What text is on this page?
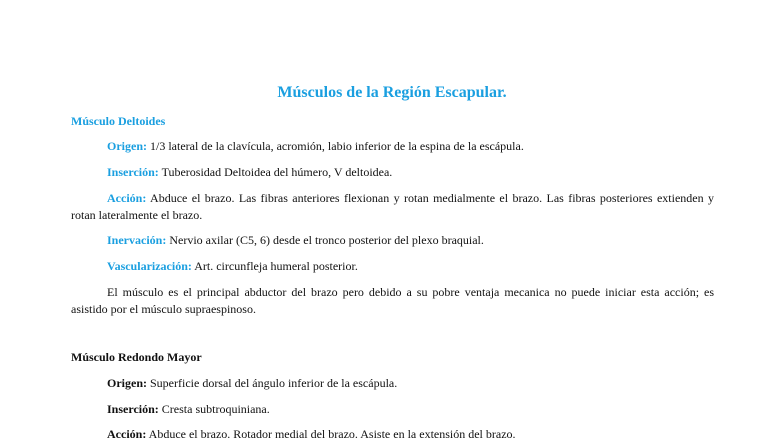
Músculos de la Región Escapular.

Músculo Deltoides

Origen: 1/3 lateral de la clavícula, acromión, labio inferior de la espina de la escápula.

Inserción: Tuberosidad Deltoidea del húmero, V deltoidea.

Acción: Abduce el brazo. Las fibras anteriores flexionan y rotan medialmente el brazo. Las fibras posteriores extienden y rotan lateralmente el brazo.

Inervación: Nervio axilar (C5, 6) desde el tronco posterior del plexo braquial.

Vascularización: Art. circunfleja humeral posterior.

El músculo es el principal abductor del brazo pero debido a su pobre ventaja mecanica no puede iniciar esta acción; es asistido por el músculo supraespinoso.

Músculo Redondo Mayor

Origen: Superficie dorsal del ángulo inferior de la escápula.

Inserción: Cresta subtroquiniana.

Acción: Abduce el brazo. Rotador medial del brazo. Asiste en la extensión del brazo.
